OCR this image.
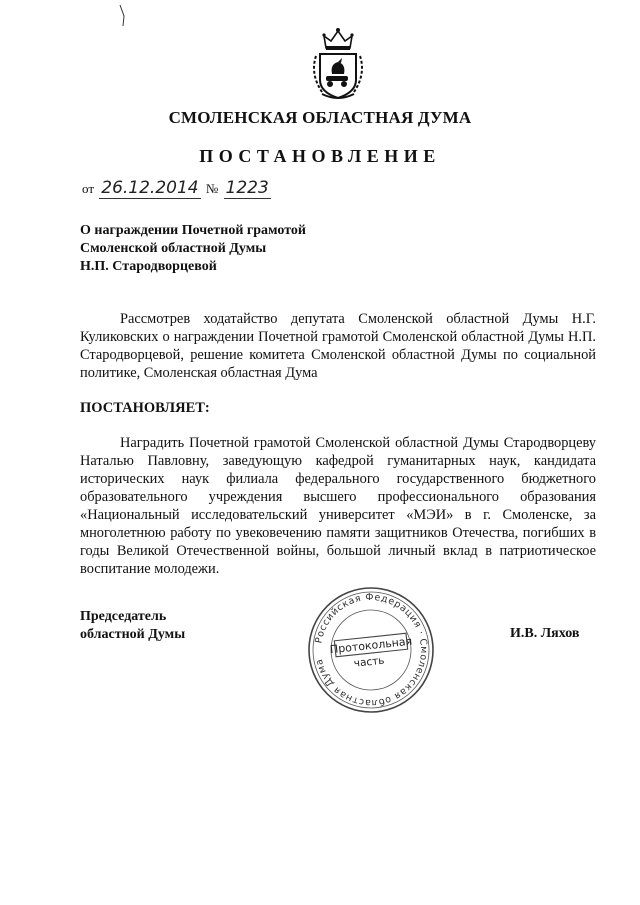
СМОЛЕНСКАЯ ОБЛАСТНАЯ ДУМА
ПОСТАНОВЛЕНИЕ
от 26.12.2014 № 1223
О награждении Почетной грамотой
Смоленской областной Думы
Н.П. Стародворцевой
Рассмотрев ходатайство депутата Смоленской областной Думы Н.Г. Куликовских о награждении Почетной грамотой Смоленской областной Думы Н.П. Стародворцевой, решение комитета Смоленской областной Думы по социальной политике, Смоленская областная Дума
ПОСТАНОВЛЯЕТ:
Наградить Почетной грамотой Смоленской областной Думы Стародворцеву Наталью Павловну, заведующую кафедрой гуманитарных наук, кандидата исторических наук филиала федерального государственного бюджетного образовательного учреждения высшего профессионального образования «Национальный исследовательский университет «МЭИ» в г. Смоленске, за многолетнюю работу по увековечению памяти защитников Отечества, погибших в годы Великой Отечественной войны, большой личный вклад в патриотическое воспитание молодежи.
Председатель
областной Думы	Российская Федерация · Смоленская областная Дума
Протокольная
часть
И.В. Ляхов
